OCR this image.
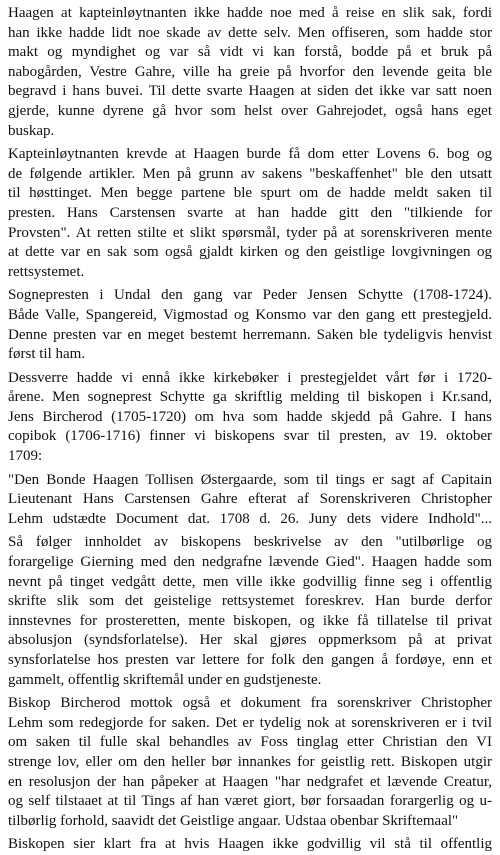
Haagen at kapteinløytnanten ikke hadde noe med å reise en slik sak, fordi
han ikke hadde lidt noe skade av dette selv. Men offiseren, som hadde stor
makt og myndighet og var så vidt vi kan forstå, bodde på et bruk på
nabogården, Vestre Gahre, ville ha greie på hvorfor den levende geita ble
begravd i hans buvei. Til dette svarte Haagen at siden det ikke var satt noen
gjerde, kunne dyrene gå hvor som helst over Gahrejodet, også hans eget
buskap.
Kapteinløytnanten krevde at Haagen burde få dom etter Lovens 6. bog og
de følgende artikler. Men på grunn av sakens "beskaffenhet" ble den utsatt
til høsttinget. Men begge partene ble spurt om de hadde meldt saken til
presten. Hans Carstensen svarte at han hadde gitt den "tilkiende for
Provsten". At retten stilte et slikt spørsmål, tyder på at sorenskriveren mente
at dette var en sak som også gjaldt kirken og den geistlige lovgivningen og
rettsystemet.
Sognepresten i Undal den gang var Peder Jensen Schytte (1708-1724).
Både Valle, Spangereid, Vigmostad og Konsmo var den gang ett prestegjeld.
Denne presten var en meget bestemt herremann. Saken ble tydeligvis henvist
først til ham.
Dessverre hadde vi ennå ikke kirkebøker i prestegjeldet vårt før i 1720-
årene. Men sogneprest Schytte ga skriftlig melding til biskopen i Kr.sand,
Jens Bircherod (1705-1720) om hva som hadde skjedd på Gahre. I hans
copibok (1706-1716) finner vi biskopens svar til presten, av 19. oktober
1709:
"Den Bonde Haagen Tollisen Østergaarde, som til tings er sagt af Capitain
Lieutenant Hans Carstensen Gahre efterat af Sorenskriveren Christopher
Lehm udstædte Document dat. 1708 d. 26. Juny dets videre Indhold"...
Så følger innholdet av biskopens beskrivelse av den "utilbørlige og
forargelige Gierning med den nedgrafne lævende Gied". Haagen hadde som
nevnt på tinget vedgått dette, men ville ikke godvillig finne seg i offentlig
skrifte slik som det geistelige rettsystemet foreskrev. Han burde derfor
innstevnes for prosteretten, mente biskopen, og ikke få tillatelse til privat
absolusjon (syndsforlatelse). Her skal gjøres oppmerksom på at privat
synsforlatelse hos presten var lettere for folk den gangen å fordøye, enn et
gammelt, offentlig skriftemål under en gudstjeneste.
Biskop Bircherod mottok også et dokument fra sorenskriver Christopher
Lehm som redegjorde for saken. Det er tydelig nok at sorenskriveren er i tvil
om saken til fulle skal behandles av Foss tinglag etter Christian den VI
strenge lov, eller om den heller bør innankes for geistlig rett. Biskopen utgir
en resolusjon der han påpeker at Haagen "har nedgrafet et lævende Creatur,
og self tilstaaet at til Tings af han været giort, bør forsaadan forargerlig og u-
tilbørlig forhold, saavidt det Geistlige angaar. Udstaa obenbar Skriftemaal"
Biskopen sier klart fra at hvis Haagen ikke godvillig vil stå til offentlig
